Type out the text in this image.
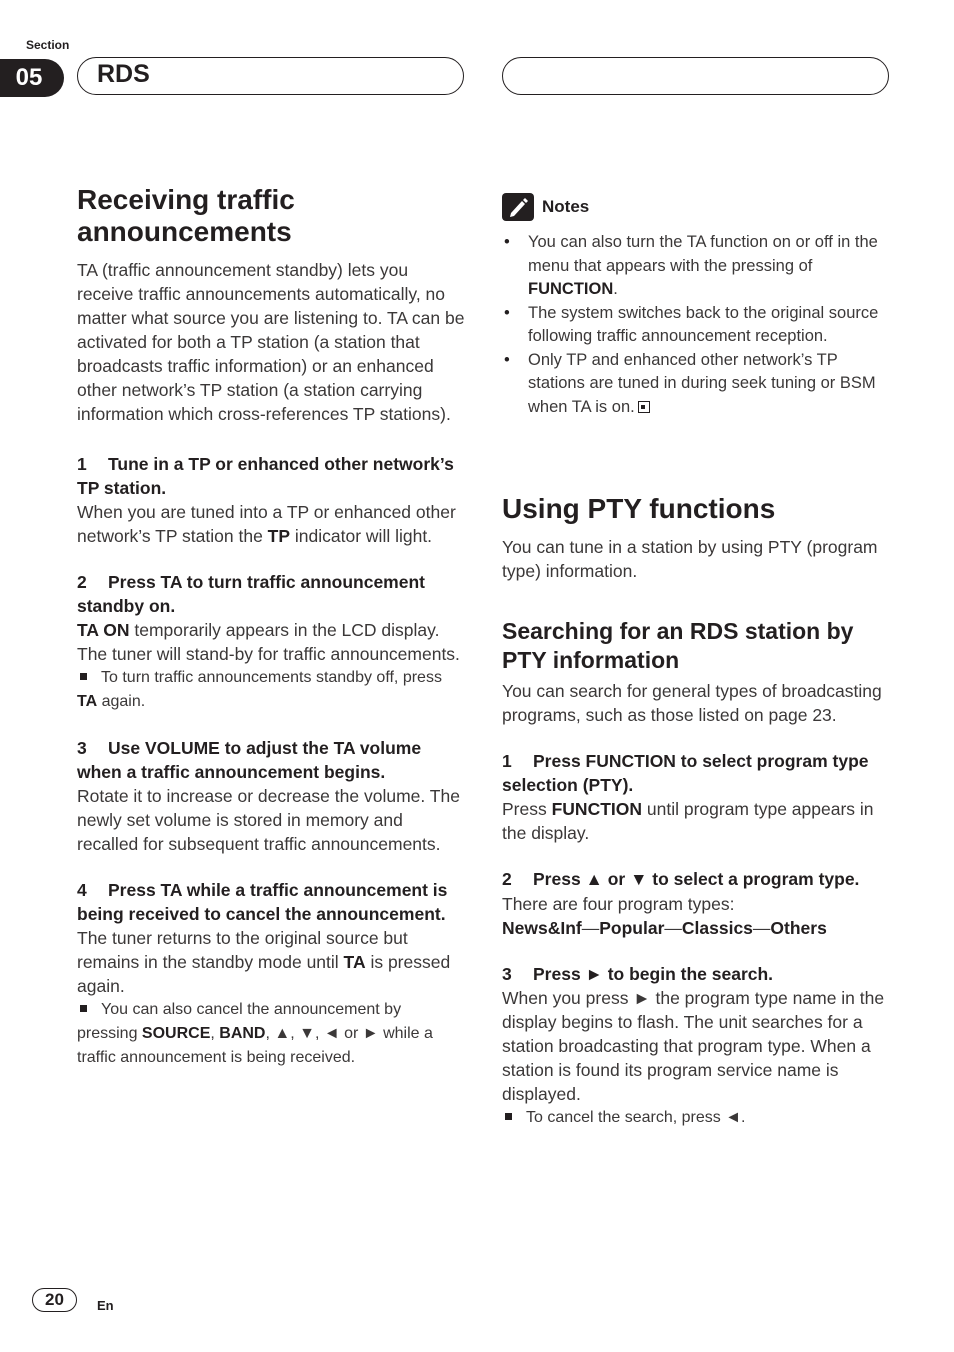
Section
05	RDS
Receiving traffic announcements

TA (traffic announcement standby) lets you receive traffic announcements automatically, no matter what source you are listening to. TA can be activated for both a TP station (a station that broadcasts traffic information) or an enhanced other network’s TP station (a station carrying information which cross-references TP stations).

1 Tune in a TP or enhanced other network’s TP station.

When you are tuned into a TP or enhanced other network’s TP station the TP indicator will light.

2 Press TA to turn traffic announcement standby on.

TA ON temporarily appears in the LCD display. The tuner will stand-by for traffic announcements.

To turn traffic announcements standby off, press TA again.
3 Use VOLUME to adjust the TA volume when a traffic announcement begins.

Rotate it to increase or decrease the volume. The newly set volume is stored in memory and recalled for subsequent traffic announcements.

4 Press TA while a traffic announcement is being received to cancel the announcement.

The tuner returns to the original source but remains in the standby mode until TA is pressed again.

You can also cancel the announcement by pressing SOURCE, BAND, ▲, ▼, ◄ or ► while a traffic announcement is being received.
Notes
• You can also turn the TA function on or off in the menu that appears with the pressing of FUNCTION.
• The system switches back to the original source following traffic announcement reception.
• Only TP and enhanced other network’s TP stations are tuned in during seek tuning or BSM when TA is on.
Using PTY functions

You can tune in a station by using PTY (program type) information.

Searching for an RDS station by PTY information

You can search for general types of broadcasting programs, such as those listed on page 23.

1 Press FUNCTION to select program type selection (PTY).

Press FUNCTION until program type appears in the display.

2 Press ▲ or ▼ to select a program type.

There are four program types:

News&Inf—Popular—Classics—Others

3 Press ► to begin the search.

When you press ► the program type name in the display begins to flash. The unit searches for a station broadcasting that program type. When a station is found its program service name is displayed.

To cancel the search, press ◄.
20	En
